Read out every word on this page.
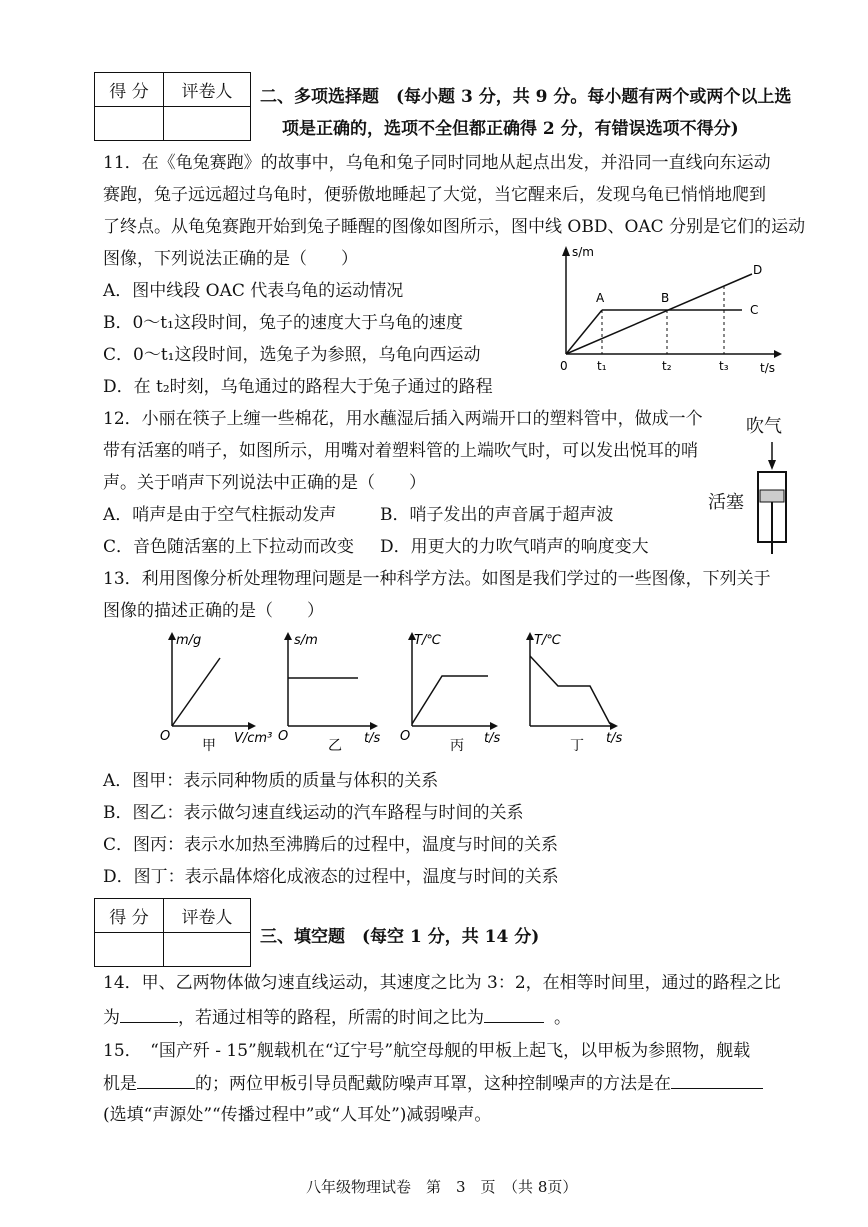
得 分	评卷人
	二、多项选择题　(每小题 3 分，共 9 分。每小题有两个或两个以上选
项是正确的，选项不全但都正确得 2 分，有错误选项不得分)
11．在《龟兔赛跑》的故事中，乌龟和兔子同时同地从起点出发，并沿同一直线向东运动
赛跑，兔子远远超过乌龟时，便骄傲地睡起了大觉，当它醒来后，发现乌龟已悄悄地爬到
了终点。从龟兔赛跑开始到兔子睡醒的图像如图所示，图中线 OBD、OAC 分别是它们的运动
图像，下列说法正确的是（　　）
A．图中线段 OAC 代表乌龟的运动情况
B．0～t₁这段时间，兔子的速度大于乌龟的速度
C．0～t₁这段时间，选兔子为参照，乌龟向西运动
D．在 t₂时刻，乌龟通过的路程大于兔子通过的路程
s/m
t/s
0
A	B
C
D
t₁	t₂	t₃
12．小丽在筷子上缠一些棉花，用水蘸湿后插入两端开口的塑料管中，做成一个
带有活塞的哨子，如图所示，用嘴对着塑料管的上端吹气时，可以发出悦耳的哨
声。关于哨声下列说法中正确的是（　　）
A．哨声是由于空气柱振动发声	B．哨子发出的声音属于超声波
C．音色随活塞的上下拉动而改变 D．用更大的力吹气哨声的响度变大
吹气
活塞
13．利用图像分析处理物理问题是一种科学方法。如图是我们学过的一些图像，下列关于
图像的描述正确的是（　　）
m/g
V/cm³
O
甲
s/m
t/s
O
乙
T/℃
t/s
O
丙
T/℃
t/s
丁
A．图甲：表示同种物质的质量与体积的关系
B．图乙：表示做匀速直线运动的汽车路程与时间的关系
C．图丙：表示水加热至沸腾后的过程中，温度与时间的关系
D．图丁：表示晶体熔化成液态的过程中，温度与时间的关系
得 分	评卷人

三、填空题　(每空 1 分，共 14 分)
14．甲、乙两物体做匀速直线运动，其速度之比为 3：2，在相等时间里，通过的路程之比
为	，若通过相等的路程，所需的时间之比为	。
15．　“国产歼 - 15”舰载机在“辽宁号”航空母舰的甲板上起飞，以甲板为参照物，舰载
机是	的；两位甲板引导员配戴防噪声耳罩，这种控制噪声的方法是在
(选填“声源处”“传播过程中”或“人耳处”)减弱噪声。
八年级物理试卷　第　3　页　（共 8页）
